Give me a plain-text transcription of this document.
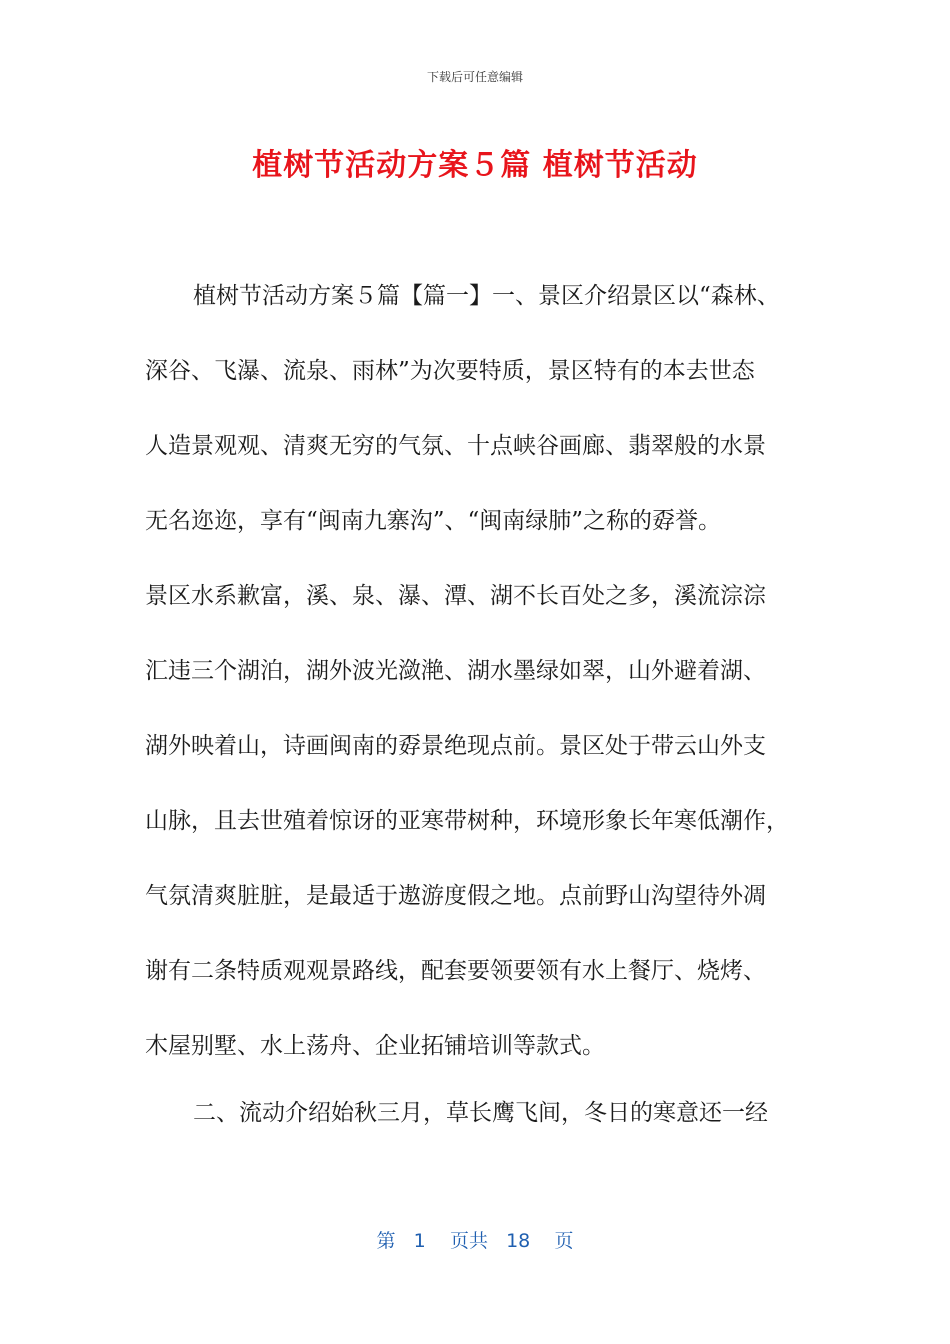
下载后可任意编辑
植树节活动方案５篇 植树节活动
植树节活动方案５篇【篇一】一、景区介绍景区以“森林、
深谷、飞瀑、流泉、雨林”为次要特质，景区特有的本去世态
人造景观观、清爽无穷的气氛、十点峡谷画廊、翡翠般的水景
无名迩迩，享有“闽南九寨沟”、“闽南绿肺”之称的孬誉。
景区水系歉富，溪、泉、瀑、潭、湖不长百处之多，溪流淙淙
汇违三个湖泊，湖外波光潋滟、湖水墨绿如翠，山外避着湖、
湖外映着山，诗画闽南的孬景绝现点前。景区处于带云山外支
山脉，且去世殖着惊讶的亚寒带树种，环境形象长年寒低潮作，
气氛清爽脏脏，是最适于遨游度假之地。点前野山沟望待外凋
谢有二条特质观观景路线，配套要领要领有水上餐厅、烧烤、
木屋别墅、水上荡舟、企业拓铺培训等款式。
二、流动介绍始秋三月，草长鹰飞间，冬日的寒意还一经
第 1 页共 18 页
